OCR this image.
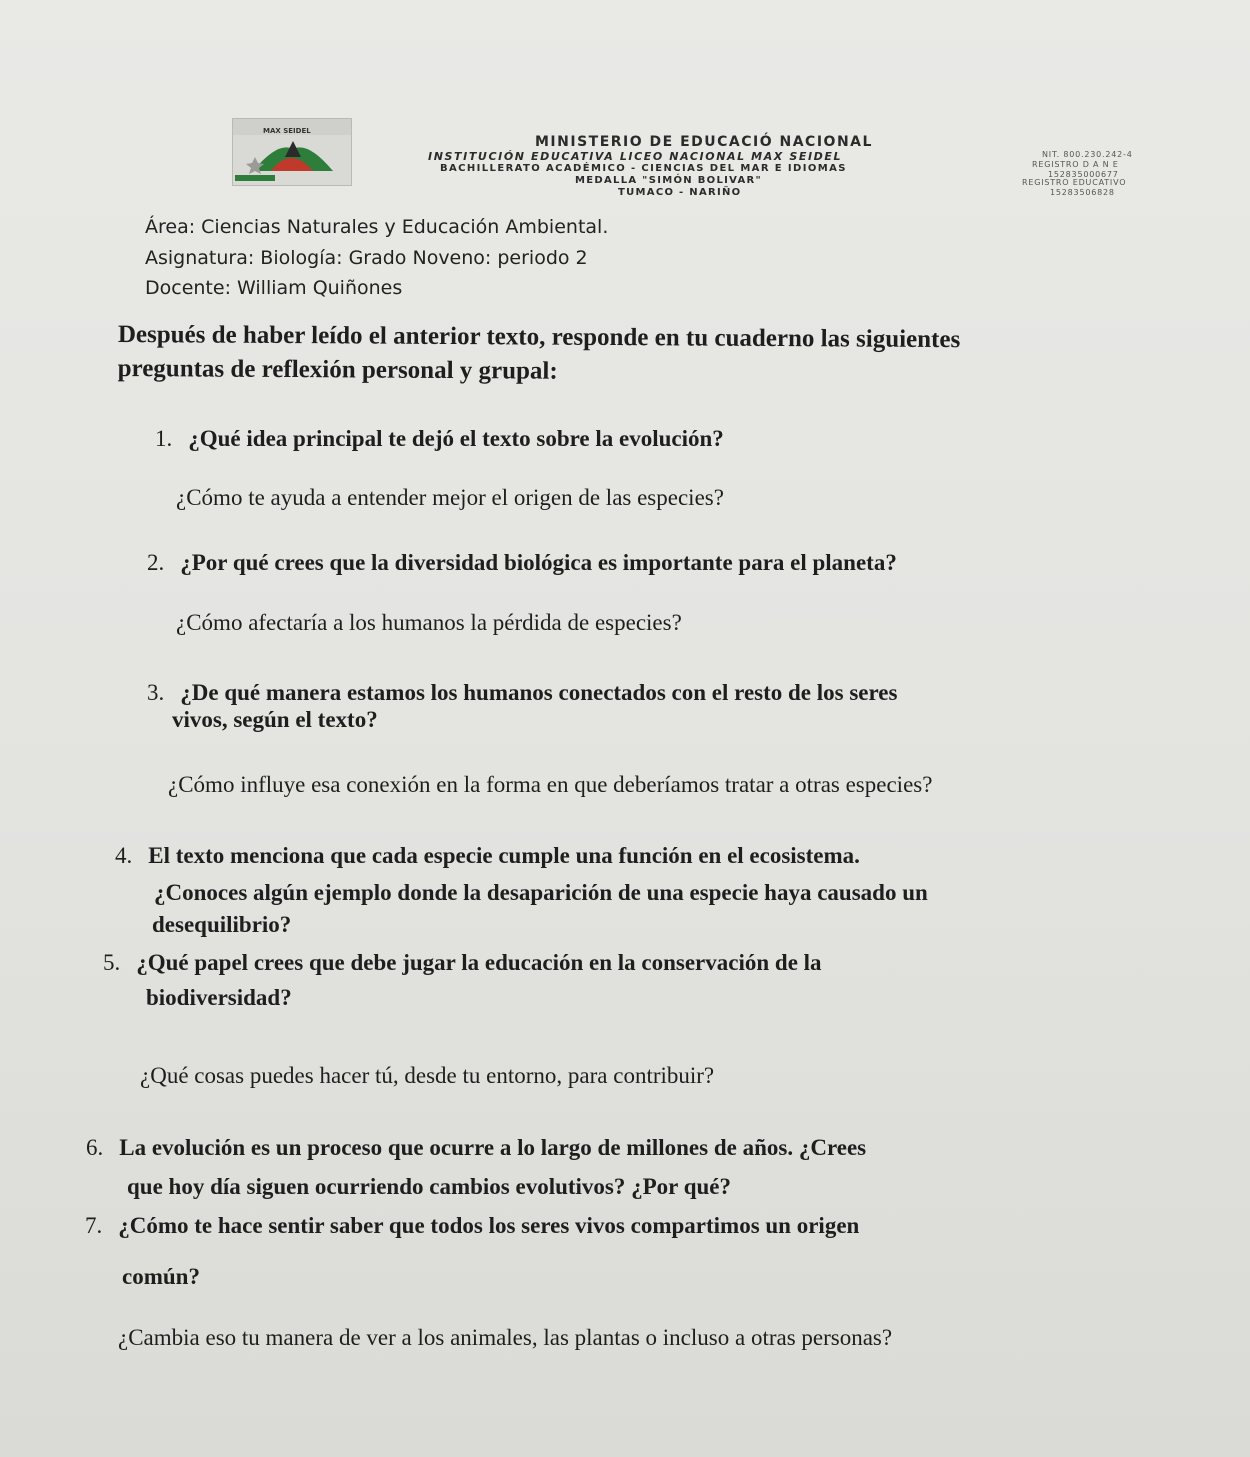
MAX SEIDEL
MINISTERIO DE EDUCACIÓ NACIONAL
INSTITUCIÓN EDUCATIVA LICEO NACIONAL MAX SEIDEL
BACHILLERATO ACADÉMICO - CIENCIAS DEL MAR E IDIOMAS
MEDALLA "SIMÓN BOLIVAR"
TUMACO - NARIÑO
NIT. 800.230.242-4
REGISTRO D A N E
152835000677
REGISTRO EDUCATIVO
15283506828
Área: Ciencias Naturales y Educación Ambiental.
Asignatura: Biología: Grado Noveno: periodo 2
Docente: William Quiñones
Después de haber leído el anterior texto, responde en tu cuaderno las siguientes preguntas de reflexión personal y grupal:
1. ¿Qué idea principal te dejó el texto sobre la evolución?
¿Cómo te ayuda a entender mejor el origen de las especies?
2. ¿Por qué crees que la diversidad biológica es importante para el planeta?
¿Cómo afectaría a los humanos la pérdida de especies?
3. ¿De qué manera estamos los humanos conectados con el resto de los seres
vivos, según el texto?
¿Cómo influye esa conexión en la forma en que deberíamos tratar a otras especies?
4. El texto menciona que cada especie cumple una función en el ecosistema.
¿Conoces algún ejemplo donde la desaparición de una especie haya causado un
desequilibrio?
5. ¿Qué papel crees que debe jugar la educación en la conservación de la
biodiversidad?
¿Qué cosas puedes hacer tú, desde tu entorno, para contribuir?
6. La evolución es un proceso que ocurre a lo largo de millones de años. ¿Crees
que hoy día siguen ocurriendo cambios evolutivos? ¿Por qué?
7. ¿Cómo te hace sentir saber que todos los seres vivos compartimos un origen
común?
¿Cambia eso tu manera de ver a los animales, las plantas o incluso a otras personas?
